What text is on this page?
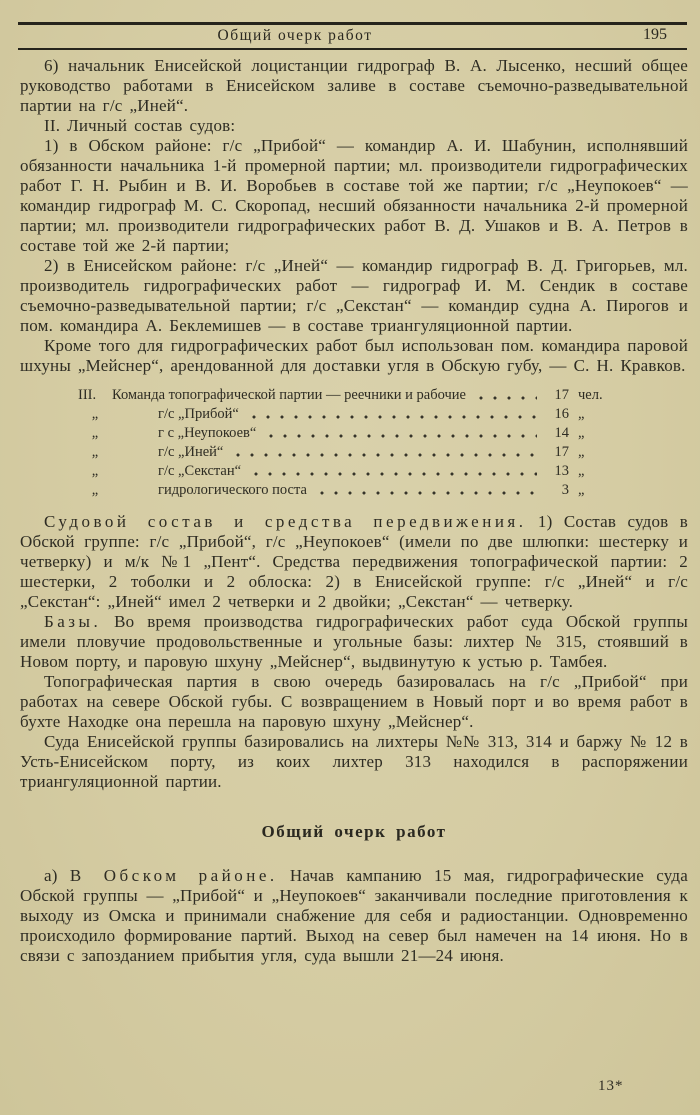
Общий очерк работ	195

6) начальник Енисейской лоцистанции гидрограф В. А. Лысенко, несший общее руководство работами в Енисейском заливе в составе съемочно-разведывательной партии на г/с „Иней“.

II. Личный состав судов:

1) в Обском районе: г/с „Прибой“ — командир А. И. Шабунин, исполнявший обязанности начальника 1-й промерной партии; мл. производители гидрографических работ Г. Н. Рыбин и В. И. Воробьев в составе той же партии; г/с „Неупокоев“ — командир гидрограф М. С. Скоропад, несший обязанности начальника 2-й промерной партии; мл. производители гидрографических работ В. Д. Ушаков и В. А. Петров в составе той же 2-й партии;

2) в Енисейском районе: г/с „Иней“ — командир гидрограф В. Д. Григорьев, мл. производитель гидрографических работ — гидрограф И. М. Сендик в составе съемочно-разведывательной партии; г/с „Секстан“ — командир судна А. Пирогов и пом. командира А. Беклемишев — в составе триангуляционной партии.

Кроме того для гидрографических работ был использован пом. командира паровой шхуны „Мейснер“, арендованной для доставки угля в Обскую губу, — С. Н. Кравков.

III.	Команда топографической партии — реечники и рабочие	17 чел.
„	г/с „Прибой“	16 „
„	г с „Неупокоев“	14 „
„	г/с „Иней“	17 „
„	г/с „Секстан“	13 „
„	гидрологического поста	3 „

Судовой состав и средства передвижения. 1) Состав судов в Обской группе: г/с „Прибой“, г/с „Неупокоев“ (имели по две шлюпки: шестерку и четверку) и м/к №1 „Пент“. Средства передвижения топографической партии: 2 шестерки, 2 тоболки и 2 облоска: 2) в Енисейской группе: г/с „Иней“ и г/с „Секстан“: „Иней“ имел 2 четверки и 2 двойки; „Секстан“ — четверку.

Базы. Во время производства гидрографических работ суда Обской группы имели пловучие продовольственные и угольные базы: лихтер № 315, стоявший в Новом порту, и паровую шхуну „Мейснер“, выдвинутую к устью р. Тамбея.

Топографическая партия в свою очередь базировалась на г/с „Прибой“ при работах на севере Обской губы. С возвращением в Новый порт и во время работ в бухте Находке она перешла на паровую шхуну „Мейснер“.

Суда Енисейской группы базировались на лихтеры №№ 313, 314 и баржу № 12 в Усть-Енисейском порту, из коих лихтер 313 находился в распоряжении триангуляционной партии.

Общий очерк работ

а) В Обском районе. Начав кампанию 15 мая, гидрографические суда Обской группы — „Прибой“ и „Неупокоев“ заканчивали последние приготовления к выходу из Омска и принимали снабжение для себя и радиостанции. Одновременно происходило формирование партий. Выход на север был намечен на 14 июня. Но в связи с запозданием прибытия угля, суда вышли 21—24 июня.

13*
